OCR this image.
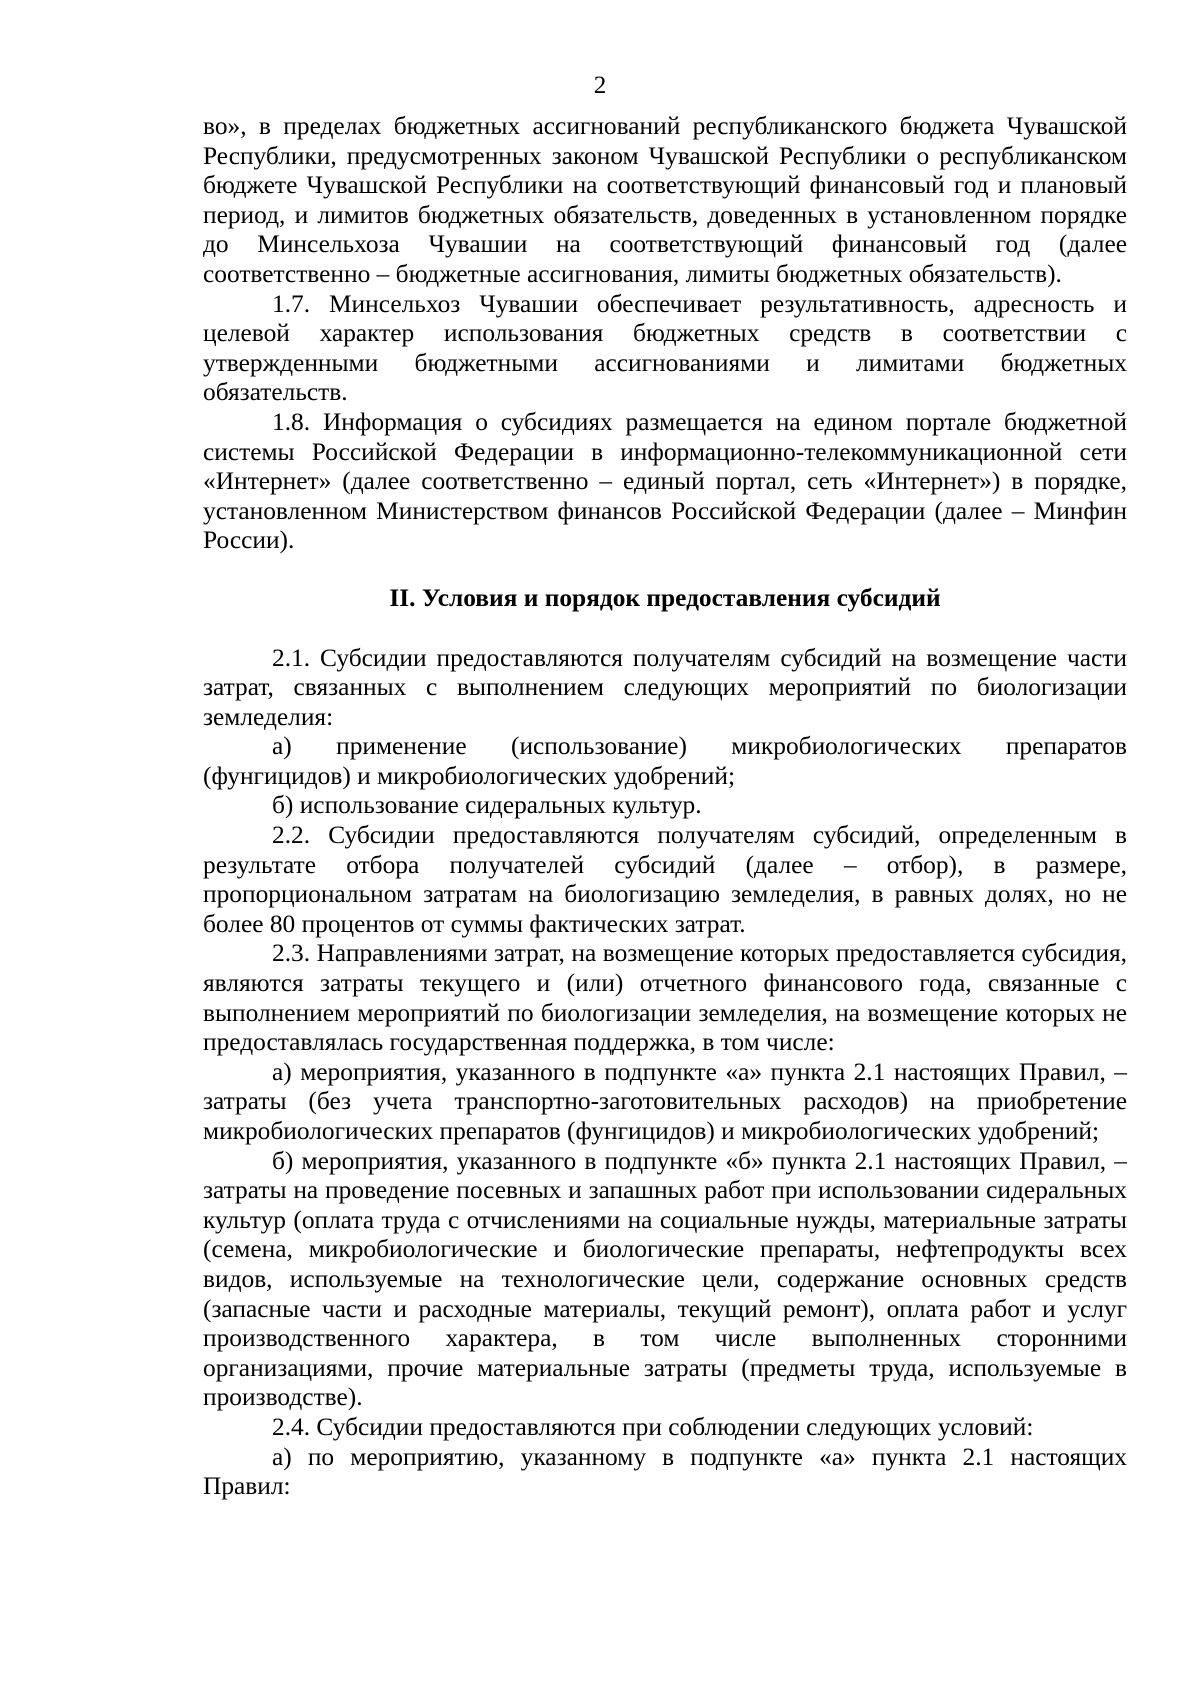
2

во», в пределах бюджетных ассигнований республиканского бюджета Чувашской Республики, предусмотренных законом Чувашской Республики о республиканском бюджете Чувашской Республики на соответствующий финансовый год и плановый период, и лимитов бюджетных обязательств, доведенных в установленном порядке до Минсельхоза Чувашии на соответствующий финансовый год (далее соответственно – бюджетные ассигнования, лимиты бюджетных обязательств).

1.7. Минсельхоз Чувашии обеспечивает результативность, адресность и целевой характер использования бюджетных средств в соответствии с утвержденными бюджетными ассигнованиями и лимитами бюджетных обязательств.

1.8. Информация о субсидиях размещается на едином портале бюджетной системы Российской Федерации в информационно-телекоммуникационной сети «Интернет» (далее соответственно – единый портал, сеть «Интернет») в порядке, установленном Министерством финансов Российской Федерации (далее – Минфин России).

II. Условия и порядок предоставления субсидий

2.1. Субсидии предоставляются получателям субсидий на возмещение части затрат, связанных с выполнением следующих мероприятий по биологизации земледелия:

а) применение (использование) микробиологических препаратов (фунгицидов) и микробиологических удобрений;

б) использование сидеральных культур.

2.2. Субсидии предоставляются получателям субсидий, определенным в результате отбора получателей субсидий (далее – отбор), в размере, пропорциональном затратам на биологизацию земледелия, в равных долях, но не более 80 процентов от суммы фактических затрат.

2.3. Направлениями затрат, на возмещение которых предоставляется субсидия, являются затраты текущего и (или) отчетного финансового года, связанные с выполнением мероприятий по биологизации земледелия, на возмещение которых не предоставлялась государственная поддержка, в том числе:

а) мероприятия, указанного в подпункте «а» пункта 2.1 настоящих Правил, – затраты (без учета транспортно-заготовительных расходов) на приобретение микробиологических препаратов (фунгицидов) и микробиологических удобрений;

б) мероприятия, указанного в подпункте «б» пункта 2.1 настоящих Правил, – затраты на проведение посевных и запашных работ при использовании сидеральных культур (оплата труда с отчислениями на социальные нужды, материальные затраты (семена, микробиологические и биологические препараты, нефтепродукты всех видов, используемые на технологические цели, содержание основных средств (запасные части и расходные материалы, текущий ремонт), оплата работ и услуг производственного характера, в том числе выполненных сторонними организациями, прочие материальные затраты (предметы труда, используемые в производстве).

2.4. Субсидии предоставляются при соблюдении следующих условий:

а) по мероприятию, указанному в подпункте «а» пункта 2.1 настоящих Правил:
